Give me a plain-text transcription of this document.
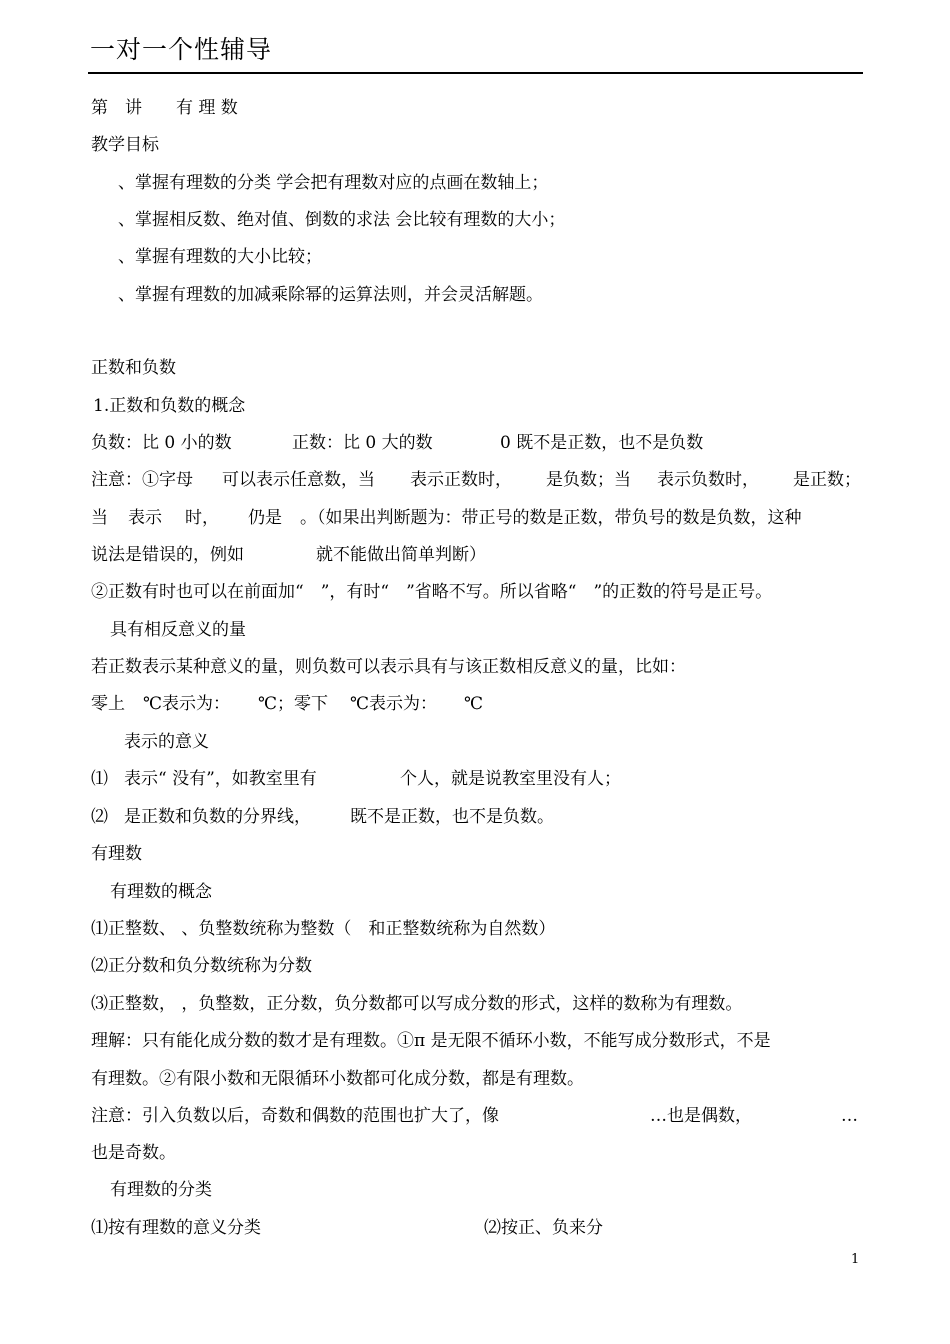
一对一个性辅导
第　讲　　有 理 数
教学目标
、掌握有理数的分类 学会把有理数对应的点画在数轴上；
、掌握相反数、绝对值、倒数的求法 会比较有理数的大小；
、掌握有理数的大小比较；
、掌握有理数的加减乘除幂的运算法则，并会灵活解题。
正数和负数
1.正数和负数的概念
负数：比 0 小的数	正数：比 0 大的数	0 既不是正数，也不是负数
注意：①字母 可以表示任意数，当 表示正数时， 是负数；当 表示负数时， 是正数；
当 表示 时， 仍是 。（如果出判断题为：带正号的数是正数，带负号的数是负数，这种
说法是错误的，例如	就不能做出简单判断）
②正数有时也可以在前面加“　”，有时“　”省略不写。所以省略“　”的正数的符号是正号。
具有相反意义的量
若正数表示某种意义的量，则负数可以表示具有与该正数相反意义的量，比如：
零上 ℃表示为： ℃；零下 ℃表示为： ℃
表示的意义
⑴ 表示“ 没有”，如教室里有	个人，就是说教室里没有人；
⑵ 是正数和负数的分界线， 既不是正数，也不是负数。
有理数
有理数的概念
⑴正整数、 、负整数统称为整数（　和正整数统称为自然数）
⑵正分数和负分数统称为分数
⑶正整数， ，负整数，正分数，负分数都可以写成分数的形式，这样的数称为有理数。
理解：只有能化成分数的数才是有理数。①π 是无限不循环小数，不能写成分数形式，不是
有理数。②有限小数和无限循环小数都可化成分数，都是有理数。
注意：引入负数以后，奇数和偶数的范围也扩大了，像	…也是偶数，	…
也是奇数。
有理数的分类
⑴按有理数的意义分类	⑵按正、负来分
1
